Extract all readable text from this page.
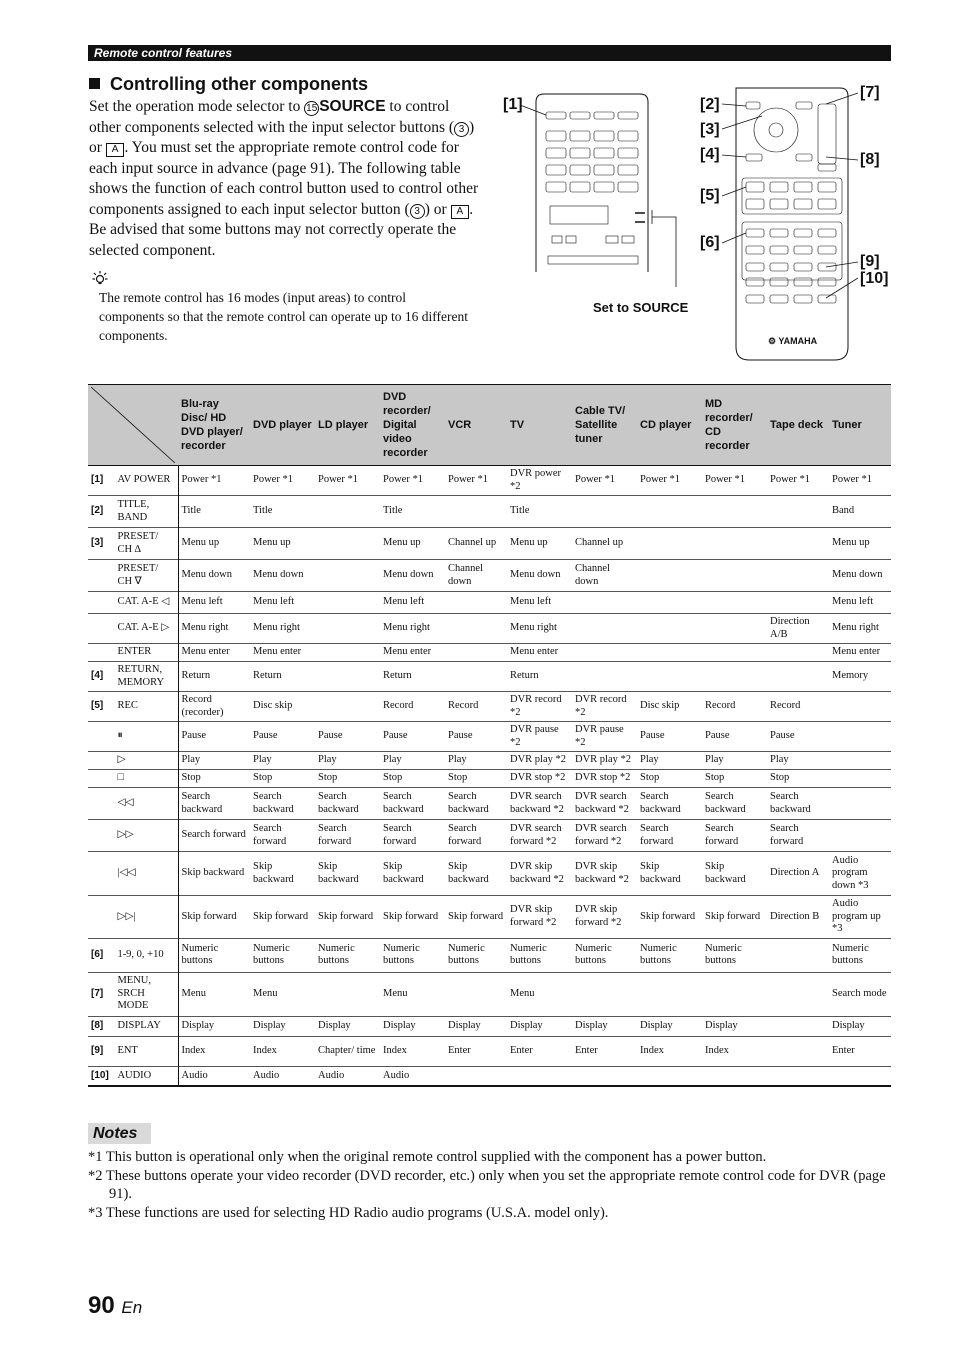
Remote control features
Controlling other components
Set the operation mode selector to 15 SOURCE to control other components selected with the input selector buttons ( 3 ) or A . You must set the appropriate remote control code for each input source in advance (page 91). The following table shows the function of each control button used to control other components assigned to each input selector button ( 3 ) or A . Be advised that some buttons may not correctly operate the selected component.
The remote control has 16 modes (input areas) to control components so that the remote control can operate up to 16 different components.
[1]	[2]
[3]
[4]
[5]
[6]
[7]
[8]
[9]
[10]
⚙ YAMAHA
Set to SOURCE
	Blu-ray Disc/ HD DVD player/ recorder	DVD player	LD player	DVD recorder/ Digital video recorder	VCR	TV	Cable TV/ Satellite tuner	CD player	MD recorder/ CD recorder	Tape deck	Tuner
[1]	AV POWER	Power *1	Power *1	Power *1	Power *1	Power *1	DVR power *2	Power *1	Power *1	Power *1	Power *1	Power *1
[2]	TITLE, BAND	Title	Title		Title		Title					Band
[3]	PRESET/ CH ∆	Menu up	Menu up		Menu up	Channel up	Menu up	Channel up				Menu up
	PRESET/ CH ∇	Menu down	Menu down		Menu down	Channel down	Menu down	Channel down				Menu down
	CAT. A-E ◁	Menu left	Menu left		Menu left		Menu left					Menu left
	CAT. A-E ▷	Menu right	Menu right		Menu right		Menu right				Direction A/B	Menu right
	ENTER	Menu enter	Menu enter		Menu enter		Menu enter					Menu enter
[4]	RETURN, MEMORY	Return	Return		Return		Return					Memory
[5]	REC	Record (recorder)	Disc skip		Record	Record	DVR record *2	DVR record *2	Disc skip	Record	Record	
	⏸	Pause	Pause	Pause	Pause	Pause	DVR pause *2	DVR pause *2	Pause	Pause	Pause	
	▷	Play	Play	Play	Play	Play	DVR play *2	DVR play *2	Play	Play	Play	
	□	Stop	Stop	Stop	Stop	Stop	DVR stop *2	DVR stop *2	Stop	Stop	Stop	
	◁◁	Search backward	Search backward	Search backward	Search backward	Search backward	DVR search backward *2	DVR search backward *2	Search backward	Search backward	Search backward	
	▷▷	Search forward	Search forward	Search forward	Search forward	Search forward	DVR search forward *2	DVR search forward *2	Search forward	Search forward	Search forward	
	|◁◁	Skip backward	Skip backward	Skip backward	Skip backward	Skip backward	DVR skip backward *2	DVR skip backward *2	Skip backward	Skip backward	Direction A	Audio program down *3
	▷▷|	Skip forward	Skip forward	Skip forward	Skip forward	Skip forward	DVR skip forward *2	DVR skip forward *2	Skip forward	Skip forward	Direction B	Audio program up *3
[6]	1-9, 0, +10	Numeric buttons	Numeric buttons	Numeric buttons	Numeric buttons	Numeric buttons	Numeric buttons	Numeric buttons	Numeric buttons	Numeric buttons		Numeric buttons
[7]	MENU, SRCH MODE	Menu	Menu		Menu		Menu					Search mode
[8]	DISPLAY	Display	Display	Display	Display	Display	Display	Display	Display	Display		Display
[9]	ENT	Index	Index	Chapter/ time	Index	Enter	Enter	Enter	Index	Index		Enter
[10]	AUDIO	Audio	Audio	Audio	Audio							
Notes

*1 This button is operational only when the original remote control supplied with the component has a power button.

*2 These buttons operate your video recorder (DVD recorder, etc.) only when you set the appropriate remote control code for DVR (page 91).

*3 These functions are used for selecting HD Radio audio programs (U.S.A. model only).

90 En
